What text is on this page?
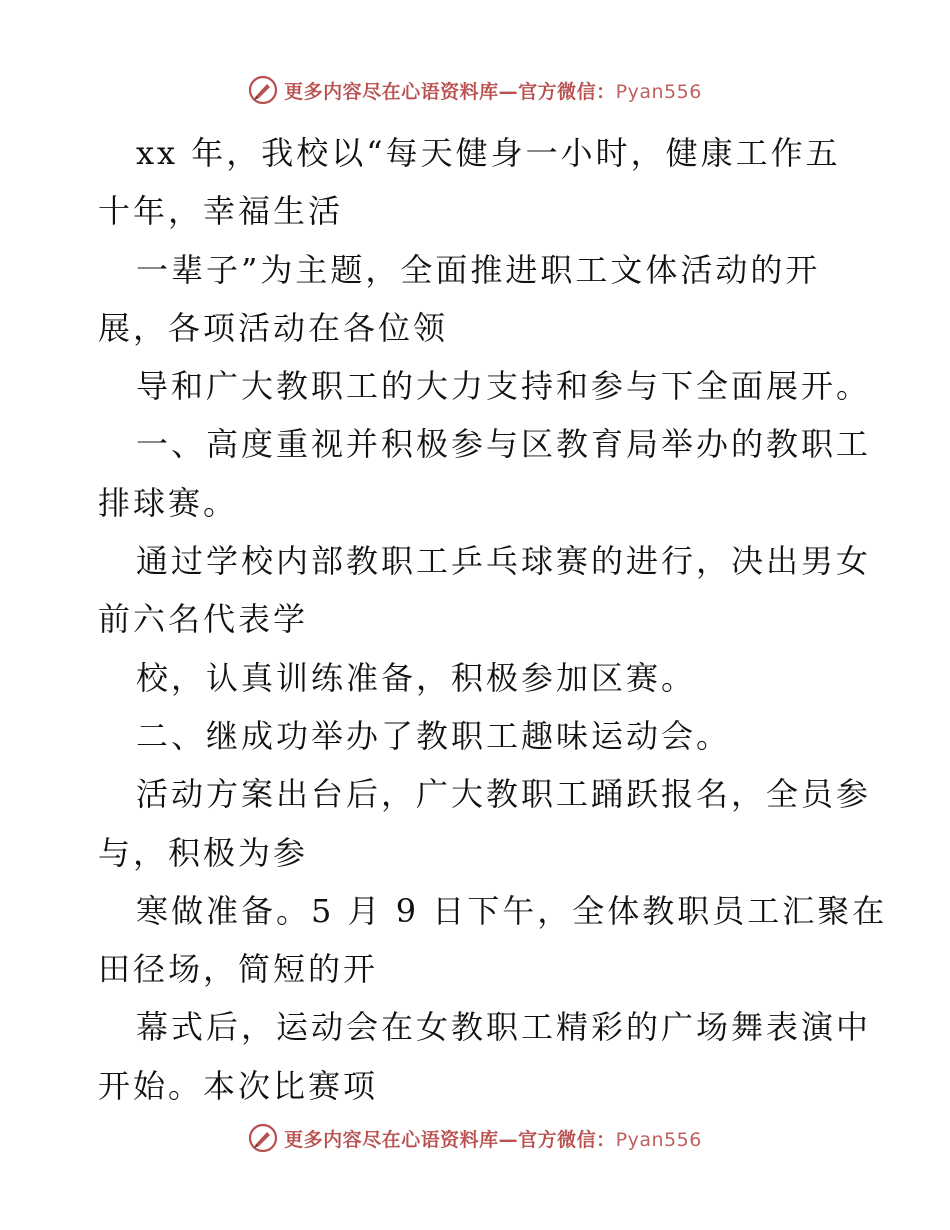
更多内容尽在心语资料库—官方微信：Pyan556
xx 年，我校以“每天健身一小时，健康工作五
十年，幸福生活
一辈子”为主题，全面推进职工文体活动的开
展，各项活动在各位领
导和广大教职工的大力支持和参与下全面展开。
一、高度重视并积极参与区教育局举办的教职工
排球赛。
通过学校内部教职工乒乓球赛的进行，决出男女
前六名代表学
校，认真训练准备，积极参加区赛。
二、继成功举办了教职工趣味运动会。
活动方案出台后，广大教职工踊跃报名，全员参
与，积极为参
寒做准备。5 月 9 日下午，全体教职员工汇聚在
田径场，简短的开
幕式后，运动会在女教职工精彩的广场舞表演中
开始。本次比赛项
更多内容尽在心语资料库—官方微信：Pyan556
